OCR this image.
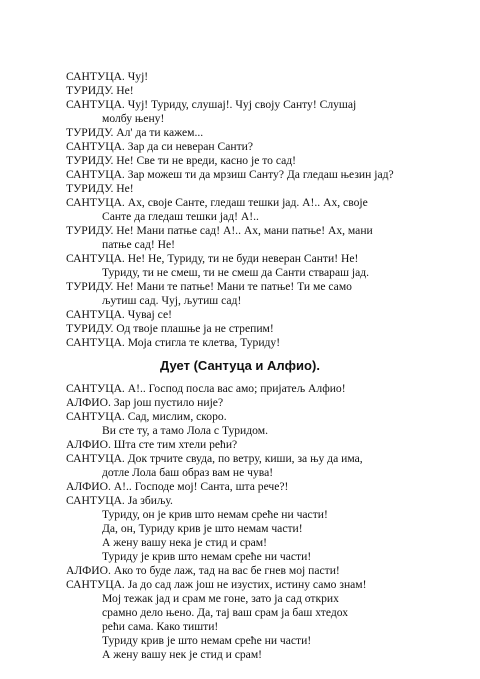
САНТУЦА. Чуј!
ТУРИДУ. Не!
САНТУЦА. Чуј! Туриду, слушај!. Чуј своју Санту! Слушај
молбу њену!
ТУРИДУ. Ал' да ти кажем...
САНТУЦА. Зар да си неверан Санти?
ТУРИДУ. Не! Све ти не вреди, касно је то сад!
САНТУЦА. Зар можеш ти да мрзиш Санту? Да гледаш њезин јад?
ТУРИДУ. Не!
САНТУЦА. Ах, своје Санте, гледаш тешки јад. А!.. Ах, своје
Санте да гледаш тешки јад! А!..
ТУРИДУ. Не! Мани патње сад! А!.. Ах, мани патње! Ах, мани
патње сад! Не!
САНТУЦА. Не! Не, Туриду, ти не буди неверан Санти! Не!
Туриду, ти не смеш, ти не смеш да Санти ствараш јад.
ТУРИДУ. Не! Мани те патње! Мани те патње! Ти ме само
љутиш сад. Чуј, љутиш сад!
САНТУЦА. Чувај се!
ТУРИДУ. Од твоје плашње ја не стрепим!
САНТУЦА. Моја стигла те клетва, Туриду!
Дует (Сантуца и Алфио).
САНТУЦА. А!.. Господ посла вас амо; пријатељ Алфио!
АЛФИО. Зар још пустило није?
САНТУЦА. Сад, мислим, скоро.
Ви сте ту, а тамо Лола с Туридом.
АЛФИО. Шта сте тим хтели рећи?
САНТУЦА. Док трчите свуда, по ветру, киши, за њу да има,
дотле Лола баш образ вам не чува!
АЛФИО. А!.. Господе мој! Санта, шта рече?!
САНТУЦА. Ја збиљу.
Туриду, он је крив што немам среће ни части!
Да, он, Туриду крив је што немам части!
А жену вашу нека је стид и срам!
Туриду је крив што немам среће ни части!
АЛФИО. Ако то буде лаж, тад на вас бе гнев мој пасти!
САНТУЦА. Ја до сад лаж још не изустих, истину само знам!
Мој тежак јад и срам ме гоне, зато ја сад открих
срамно дело њено. Да, тај ваш срам ја баш хтедох
рећи сама. Како тишти!
Туриду крив је што немам среће ни части!
А жену вашу нек је стид и срам!
